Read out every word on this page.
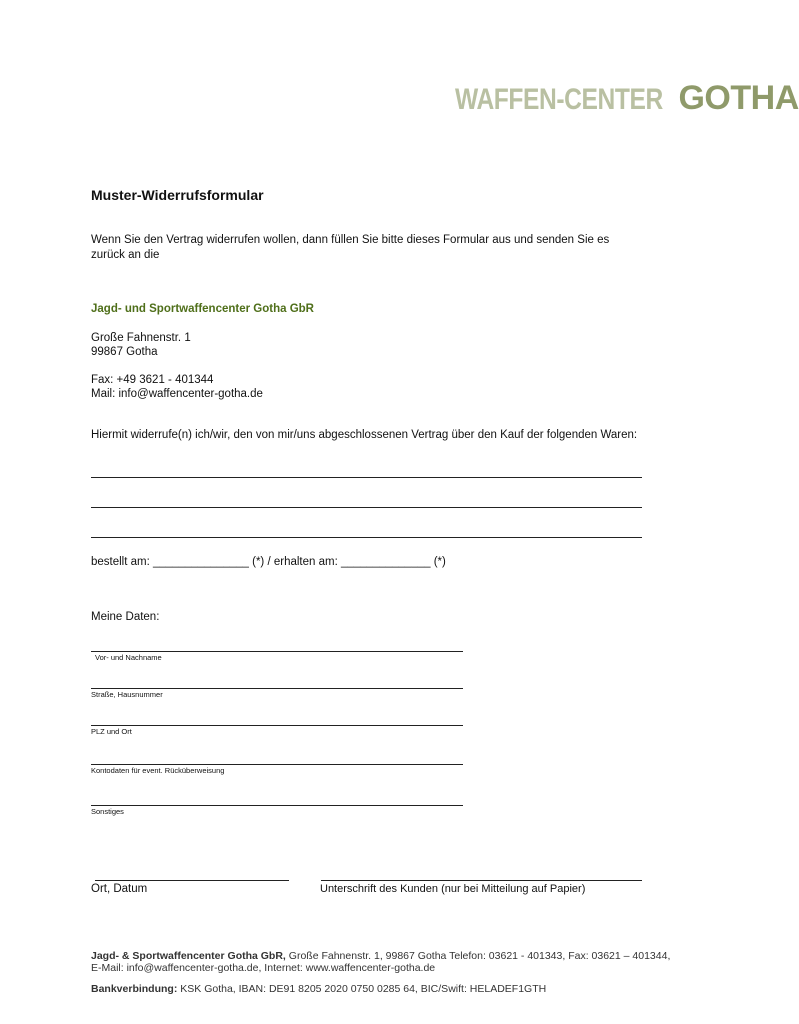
WAFFEN-CENTER GOTHA
Muster-Widerrufsformular
Wenn Sie den Vertrag widerrufen wollen, dann füllen Sie bitte dieses Formular aus und senden Sie es
zurück an die
Jagd- und Sportwaffencenter Gotha GbR
Große Fahnenstr. 1
99867 Gotha
Fax: +49 3621 - 401344
Mail: info@waffencenter-gotha.de
Hiermit widerrufe(n) ich/wir, den von mir/uns abgeschlossenen Vertrag über den Kauf der folgenden Waren:
bestellt am: _______________ (*) / erhalten am: ______________ (*)
Meine Daten:
Vor- und Nachname
Straße, Hausnummer
PLZ und Ort
Kontodaten für event. Rücküberweisung
Sonstiges
Ort, Datum	Unterschrift des Kunden (nur bei Mitteilung auf Papier)
Jagd- & Sportwaffencenter Gotha GbR, Große Fahnenstr. 1, 99867 Gotha Telefon: 03621 - 401343, Fax: 03621 – 401344,
E-Mail: info@waffencenter-gotha.de, Internet: www.waffencenter-gotha.de
Bankverbindung: KSK Gotha, IBAN: DE91 8205 2020 0750 0285 64, BIC/Swift: HELADEF1GTH
